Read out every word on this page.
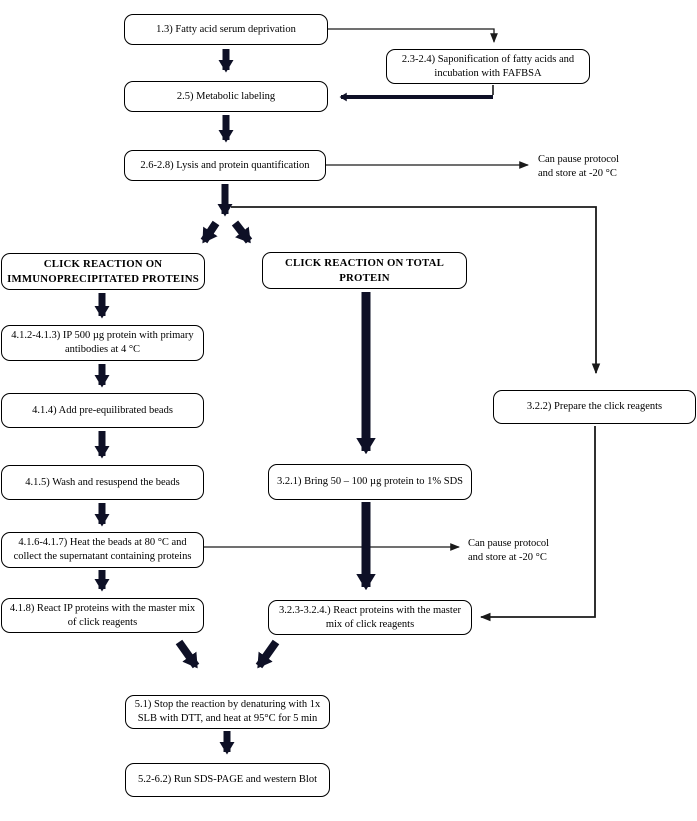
1.3) Fatty acid serum deprivation
2.3-2.4) Saponification of fatty acids and incubation with FAFBSA
2.5) Metabolic labeling
2.6-2.8) Lysis and protein quantification
CLICK REACTION ON IMMUNOPRECIPITATED PROTEINS
CLICK REACTION ON TOTAL PROTEIN
4.1.2-4.1.3) IP 500 µg protein with primary antibodies at 4 °C
4.1.4) Add pre-equilibrated beads
4.1.5) Wash and resuspend the beads
4.1.6-4.1.7) Heat the beads at 80 °C and collect the supernatant containing proteins
4.1.8) React IP proteins with the master mix of click reagents
3.2.2) Prepare the click reagents
3.2.1) Bring 50 – 100 µg protein to 1% SDS
3.2.3-3.2.4.) React proteins with the master mix of click reagents
5.1) Stop the reaction by denaturing with 1x SLB with DTT, and heat at 95°C for 5 min
5.2-6.2) Run SDS-PAGE and western Blot
Can pause protocol and store at -20 °C
Can pause protocol and store at -20 °C
